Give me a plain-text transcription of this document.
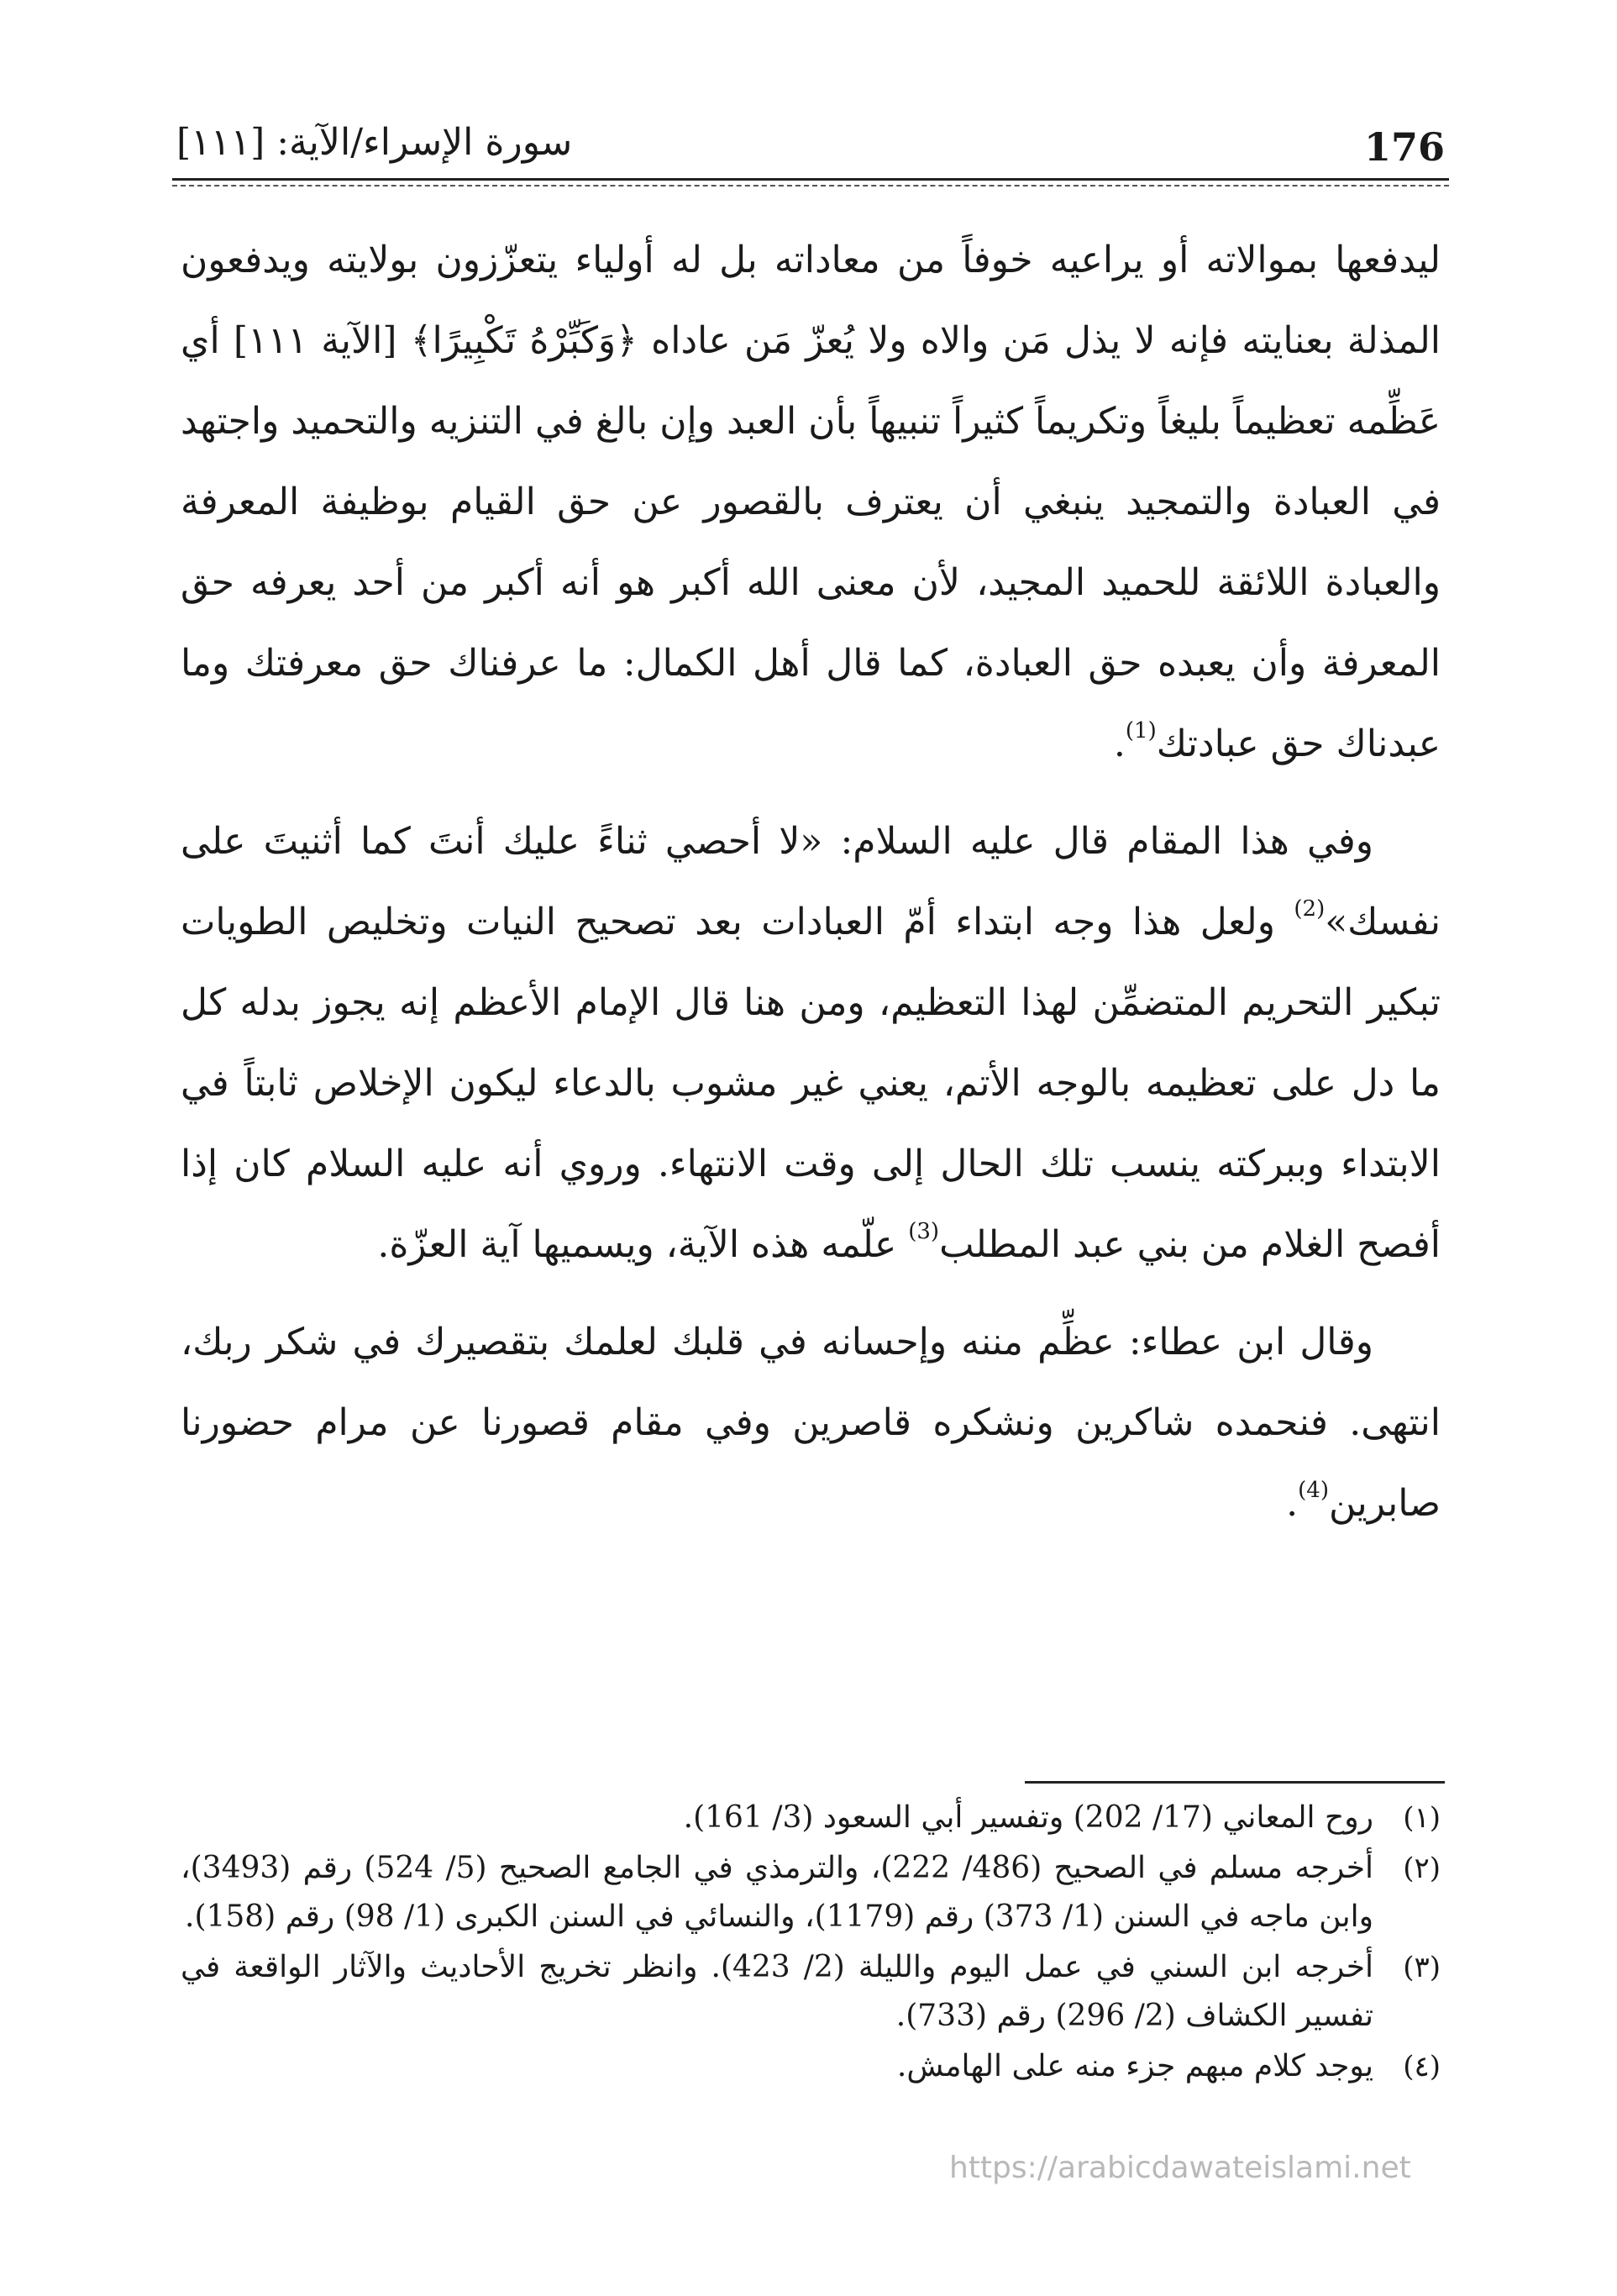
176
سورة الإسراء/الآية: [١١١]

ليدفعها بموالاته أو يراعيه خوفاً من معاداته بل له أولياء يتعزّزون بولايته ويدفعون المذلة بعنايته فإنه لا يذل مَن والاه ولا يُعزّ مَن عاداه ﴿وَكَبِّرْهُ تَكْبِيرًا﴾ [الآية ١١١] أي عَظِّمه تعظيماً بليغاً وتكريماً كثيراً تنبيهاً بأن العبد وإن بالغ في التنزيه والتحميد واجتهد في العبادة والتمجيد ينبغي أن يعترف بالقصور عن حق القيام بوظيفة المعرفة والعبادة اللائقة للحميد المجيد، لأن معنى الله أكبر هو أنه أكبر من أحد يعرفه حق المعرفة وأن يعبده حق العبادة، كما قال أهل الكمال: ما عرفناك حق معرفتك وما عبدناك حق عبادتك$^{(1)}$.

وفي هذا المقام قال عليه السلام: «لا أحصي ثناءً عليك أنتَ كما أثنيتَ على نفسك»$^{(2)}$ ولعل هذا وجه ابتداء أمّ العبادات بعد تصحيح النيات وتخليص الطويات تبكير التحريم المتضمِّن لهذا التعظيم، ومن هنا قال الإمام الأعظم إنه يجوز بدله كل ما دل على تعظيمه بالوجه الأتم، يعني غير مشوب بالدعاء ليكون الإخلاص ثابتاً في الابتداء وببركته ينسب تلك الحال إلى وقت الانتهاء. وروي أنه عليه السلام كان إذا أفصح الغلام من بني عبد المطلب$^{(3)}$ علّمه هذه الآية، ويسميها آية العزّة.

وقال ابن عطاء: عظِّم مننه وإحسانه في قلبك لعلمك بتقصيرك في شكر ربك، انتهى. فنحمده شاكرين ونشكره قاصرين وفي مقام قصورنا عن مرام حضورنا صابرين$^{(4)}$.

(١)
روح المعاني (17/ 202) وتفسير أبي السعود (3/ 161).
(٢)
أخرجه مسلم في الصحيح (486/ 222)، والترمذي في الجامع الصحيح (5/ 524) رقم (3493)، وابن ماجه في السنن (1/ 373) رقم (1179)، والنسائي في السنن الكبرى (1/ 98) رقم (158).
(٣)
أخرجه ابن السني في عمل اليوم والليلة (2/ 423). وانظر تخريج الأحاديث والآثار الواقعة في تفسير الكشاف (2/ 296) رقم (733).
(٤)
يوجد كلام مبهم جزء منه على الهامش.
https://arabicdawateislami.net
